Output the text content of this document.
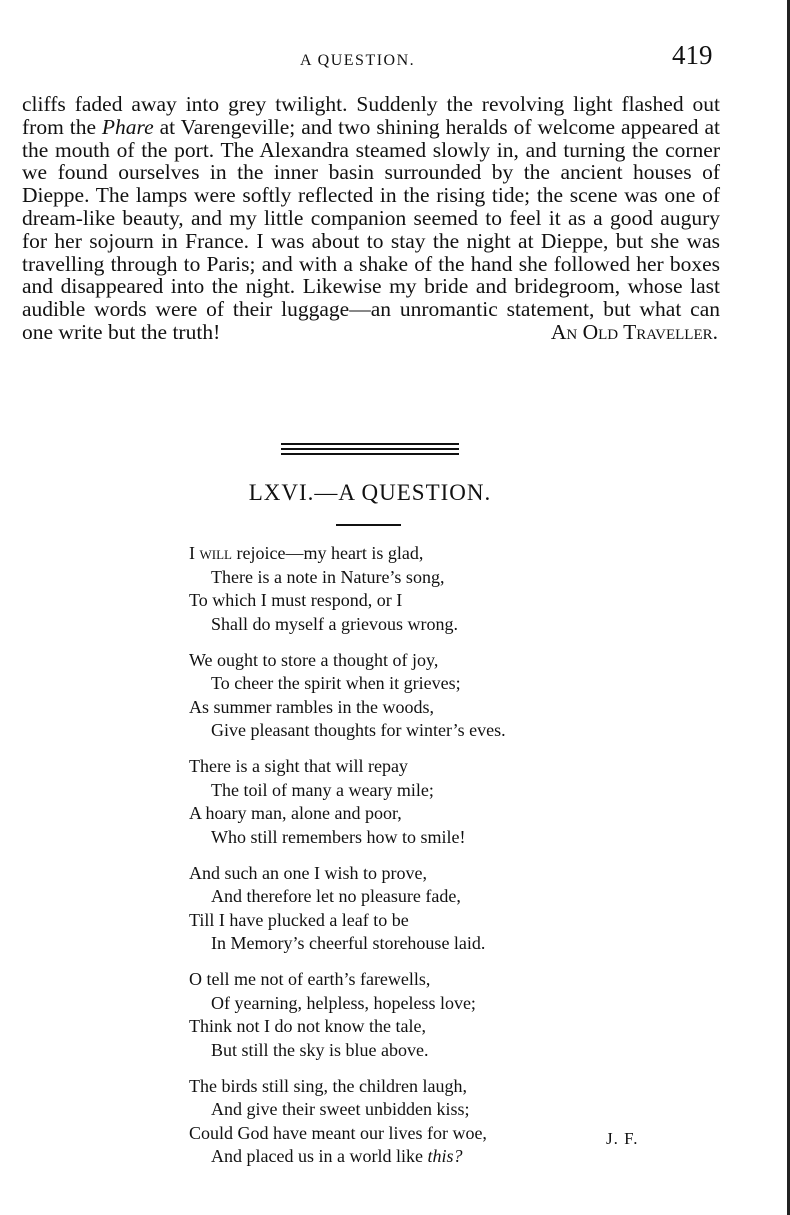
A QUESTION.	419

cliffs faded away into grey twilight. Suddenly the revolving light flashed out from the Phare at Varengeville; and two shining heralds of welcome appeared at the mouth of the port. The Alexandra steamed slowly in, and turning the corner we found ourselves in the inner basin surrounded by the ancient houses of Dieppe. The lamps were softly reflected in the rising tide; the scene was one of dream-like beauty, and my little companion seemed to feel it as a good augury for her sojourn in France. I was about to stay the night at Dieppe, but she was travelling through to Paris; and with a shake of the hand she followed her boxes and disappeared into the night. Likewise my bride and bridegroom, whose last audible words were of their luggage—an unromantic statement, but what can one write but the truth!	An Old Traveller.

LXVI.—A QUESTION.
I will rejoice—my heart is glad,
There is a note in Nature’s song,
To which I must respond, or I
Shall do myself a grievous wrong.
We ought to store a thought of joy,
To cheer the spirit when it grieves;
As summer rambles in the woods,
Give pleasant thoughts for winter’s eves.
There is a sight that will repay
The toil of many a weary mile;
A hoary man, alone and poor,
Who still remembers how to smile!
And such an one I wish to prove,
And therefore let no pleasure fade,
Till I have plucked a leaf to be
In Memory’s cheerful storehouse laid.
O tell me not of earth’s farewells,
Of yearning, helpless, hopeless love;
Think not I do not know the tale,
But still the sky is blue above.
The birds still sing, the children laugh,
And give their sweet unbidden kiss;
Could God have meant our lives for woe,
And placed us in a world like this?
J. F.
